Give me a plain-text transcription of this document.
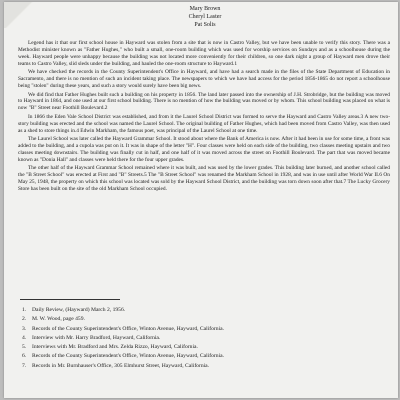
Mary Brown
Cheryl Laster
Pat Solis

Legend has it that our first school house in Hayward was stolen from a site that is now in Castro Valley, but we have been unable to verify this story. There was a Methodist minister known as "Father Hughes," who built a small, one-room building which was used for worship services on Sundays and as a schoolhouse during the week. Hayward people were unhappy because the building was not located more conveniently for their children, so one dark night a group of Hayward men drove their teams to Castro Valley, slid sleds under the building, and hauled the one-room structure to Hayward.1

We have checked the records in the County Superintendent's Office in Hayward, and have had a search made in the files of the State Department of Education in Sacramento, and there is no mention of such an incident taking place. The newspapers to which we have had access for the period 1856-1865 do not report a schoolhouse being "stolen" during these years, and such a story would surely have been big news.

We did find that Father Hughes built such a building on his property in 1856. The land later passed into the ownership of J.H. Strobridge, but the building was moved to Hayward in 1864, and one used at our first school building. There is no mention of how the building was moved or by whom. This school building was placed on what is now "B" Street near Foothill Boulevard.2

In 1866 the Eden Vale School District was established, and from it the Laurel School District was formed to serve the Hayward and Castro Valley areas.3 A new two-story building was erected and the school was named the Laurel School. The original building of Father Hughes, which had been moved from Castro Valley, was then used as a shed to store things in.4 Edwin Markham, the famous poet, was principal of the Laurel School at one time.

The Laurel School was later called the Hayward Grammar School. It stood about where the Bank of America is now. After it had been in use for some time, a front was added to the building, and a cupola was put on it. It was in shape of the letter "H". Four classes were held on each side of the building, two classes meeting upstairs and two classes meeting downstairs. The building was finally cut in half, and one half of it was moved across the street on Foothill Boulevard. The part that was moved became known as "Donia Hall" and classes were held there for the four upper grades.

The other half of the Hayward Grammar School remained where it was built, and was used by the lower grades. This building later burned, and another school called the "B Street School" was erected at First and "B" Streets.5 The "B Street School" was renamed the Markham School in 1928, and was in use until after World War II.6 On May 25, 1948, the property on which this school was located was sold by the Hayward School District, and the building was torn down soon after that.7 The Lucky Grocery Store has been built on the site of the old Markham School occupied.

1. Daily Review, (Hayward) March 2, 1956.
2. M. W. Wood, page 459.
3. Records of the County Superintendent's Office, Winton Avenue, Hayward, California.
4. Interview with Mr. Harry Bradford, Hayward, California.
5. Interviews with Mr. Bradford and Mrs. Zelda Rizzo, Hayward, California.
6. Records of the County Superintendent's Office, Winton Avenue, Hayward, California.
7. Records in Mr. Burnhauser's Office, 305 Elmhurst Street, Hayward, California.
